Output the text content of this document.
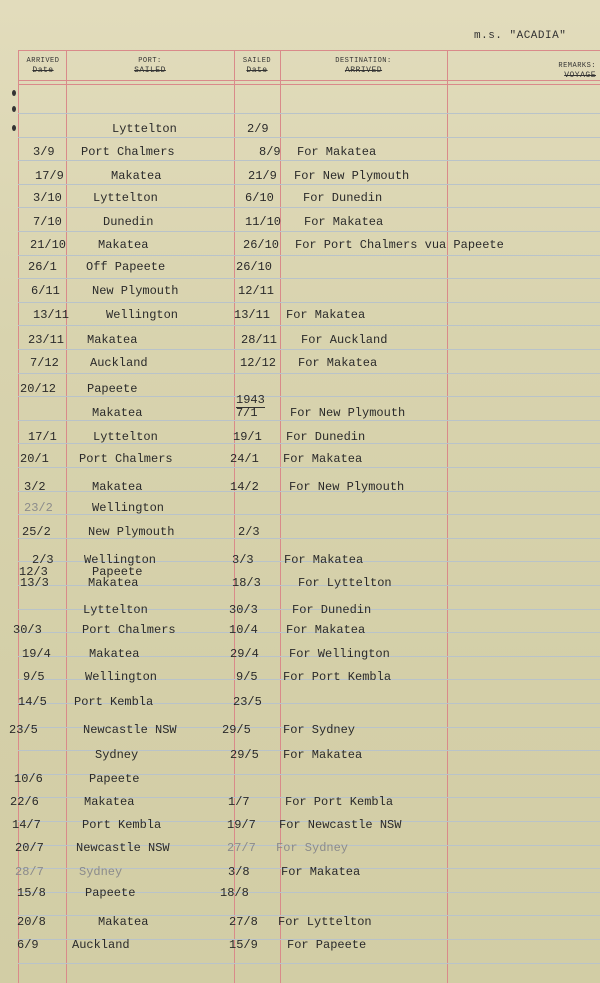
m.s. "ACADIA"
ARRIVED
Date
PORT:
SAILED
SAILED
Date
DESTINATION:
ARRIVED	REMARKS:
VOYAGE
1943
Lyttelton	2/9
3/9 Port Chalmers	8/9 For Makatea
17/9	Makatea	21/9 For New Plymouth
3/10	Lyttelton	6/10 For Dunedin
7/10	Dunedin	11/10 For Makatea
21/10	Makatea	26/10 For Port Chalmers vua Papeete
26/1 Off Papeete	26/10
6/11	New Plymouth	12/11
13/11	Wellington	13/11 For Makatea
23/11 Makatea	28/11 For Auckland
7/12	Auckland	12/12 For Makatea
20/12	Papeete
Makatea	7/1	For New Plymouth
17/1	Lyttelton	19/1 For Dunedin
20/1	Port Chalmers	24/1 For Makatea
3/2	Makatea	14/2	For New Plymouth
23/2	Wellington
25/2	New Plymouth	2/3
2/3	Wellington	3/3	For Makatea
12/3	Papeete
13/3	Makatea	18/3	For Lyttelton
Lyttelton	30/3	For Dunedin
30/3	Port Chalmers	10/4 For Makatea
19/4	Makatea	29/4	For Wellington
9/5	Wellington	9/5 For Port Kembla
14/5 Port Kembla	23/5
23/5	Newcastle NSW	29/5	For Sydney
Sydney	29/5 For Makatea
10/6	Papeete
22/6	Makatea	1/7	For Port Kembla
14/7	Port Kembla	19/7 For Newcastle NSW
20/7	Newcastle NSW	27/7 For Sydney
28/7	Sydney	3/8	For Makatea
15/8	Papeete	18/8
20/8	Makatea	27/8 For Lyttelton
6/9	Auckland	15/9 For Papeete
